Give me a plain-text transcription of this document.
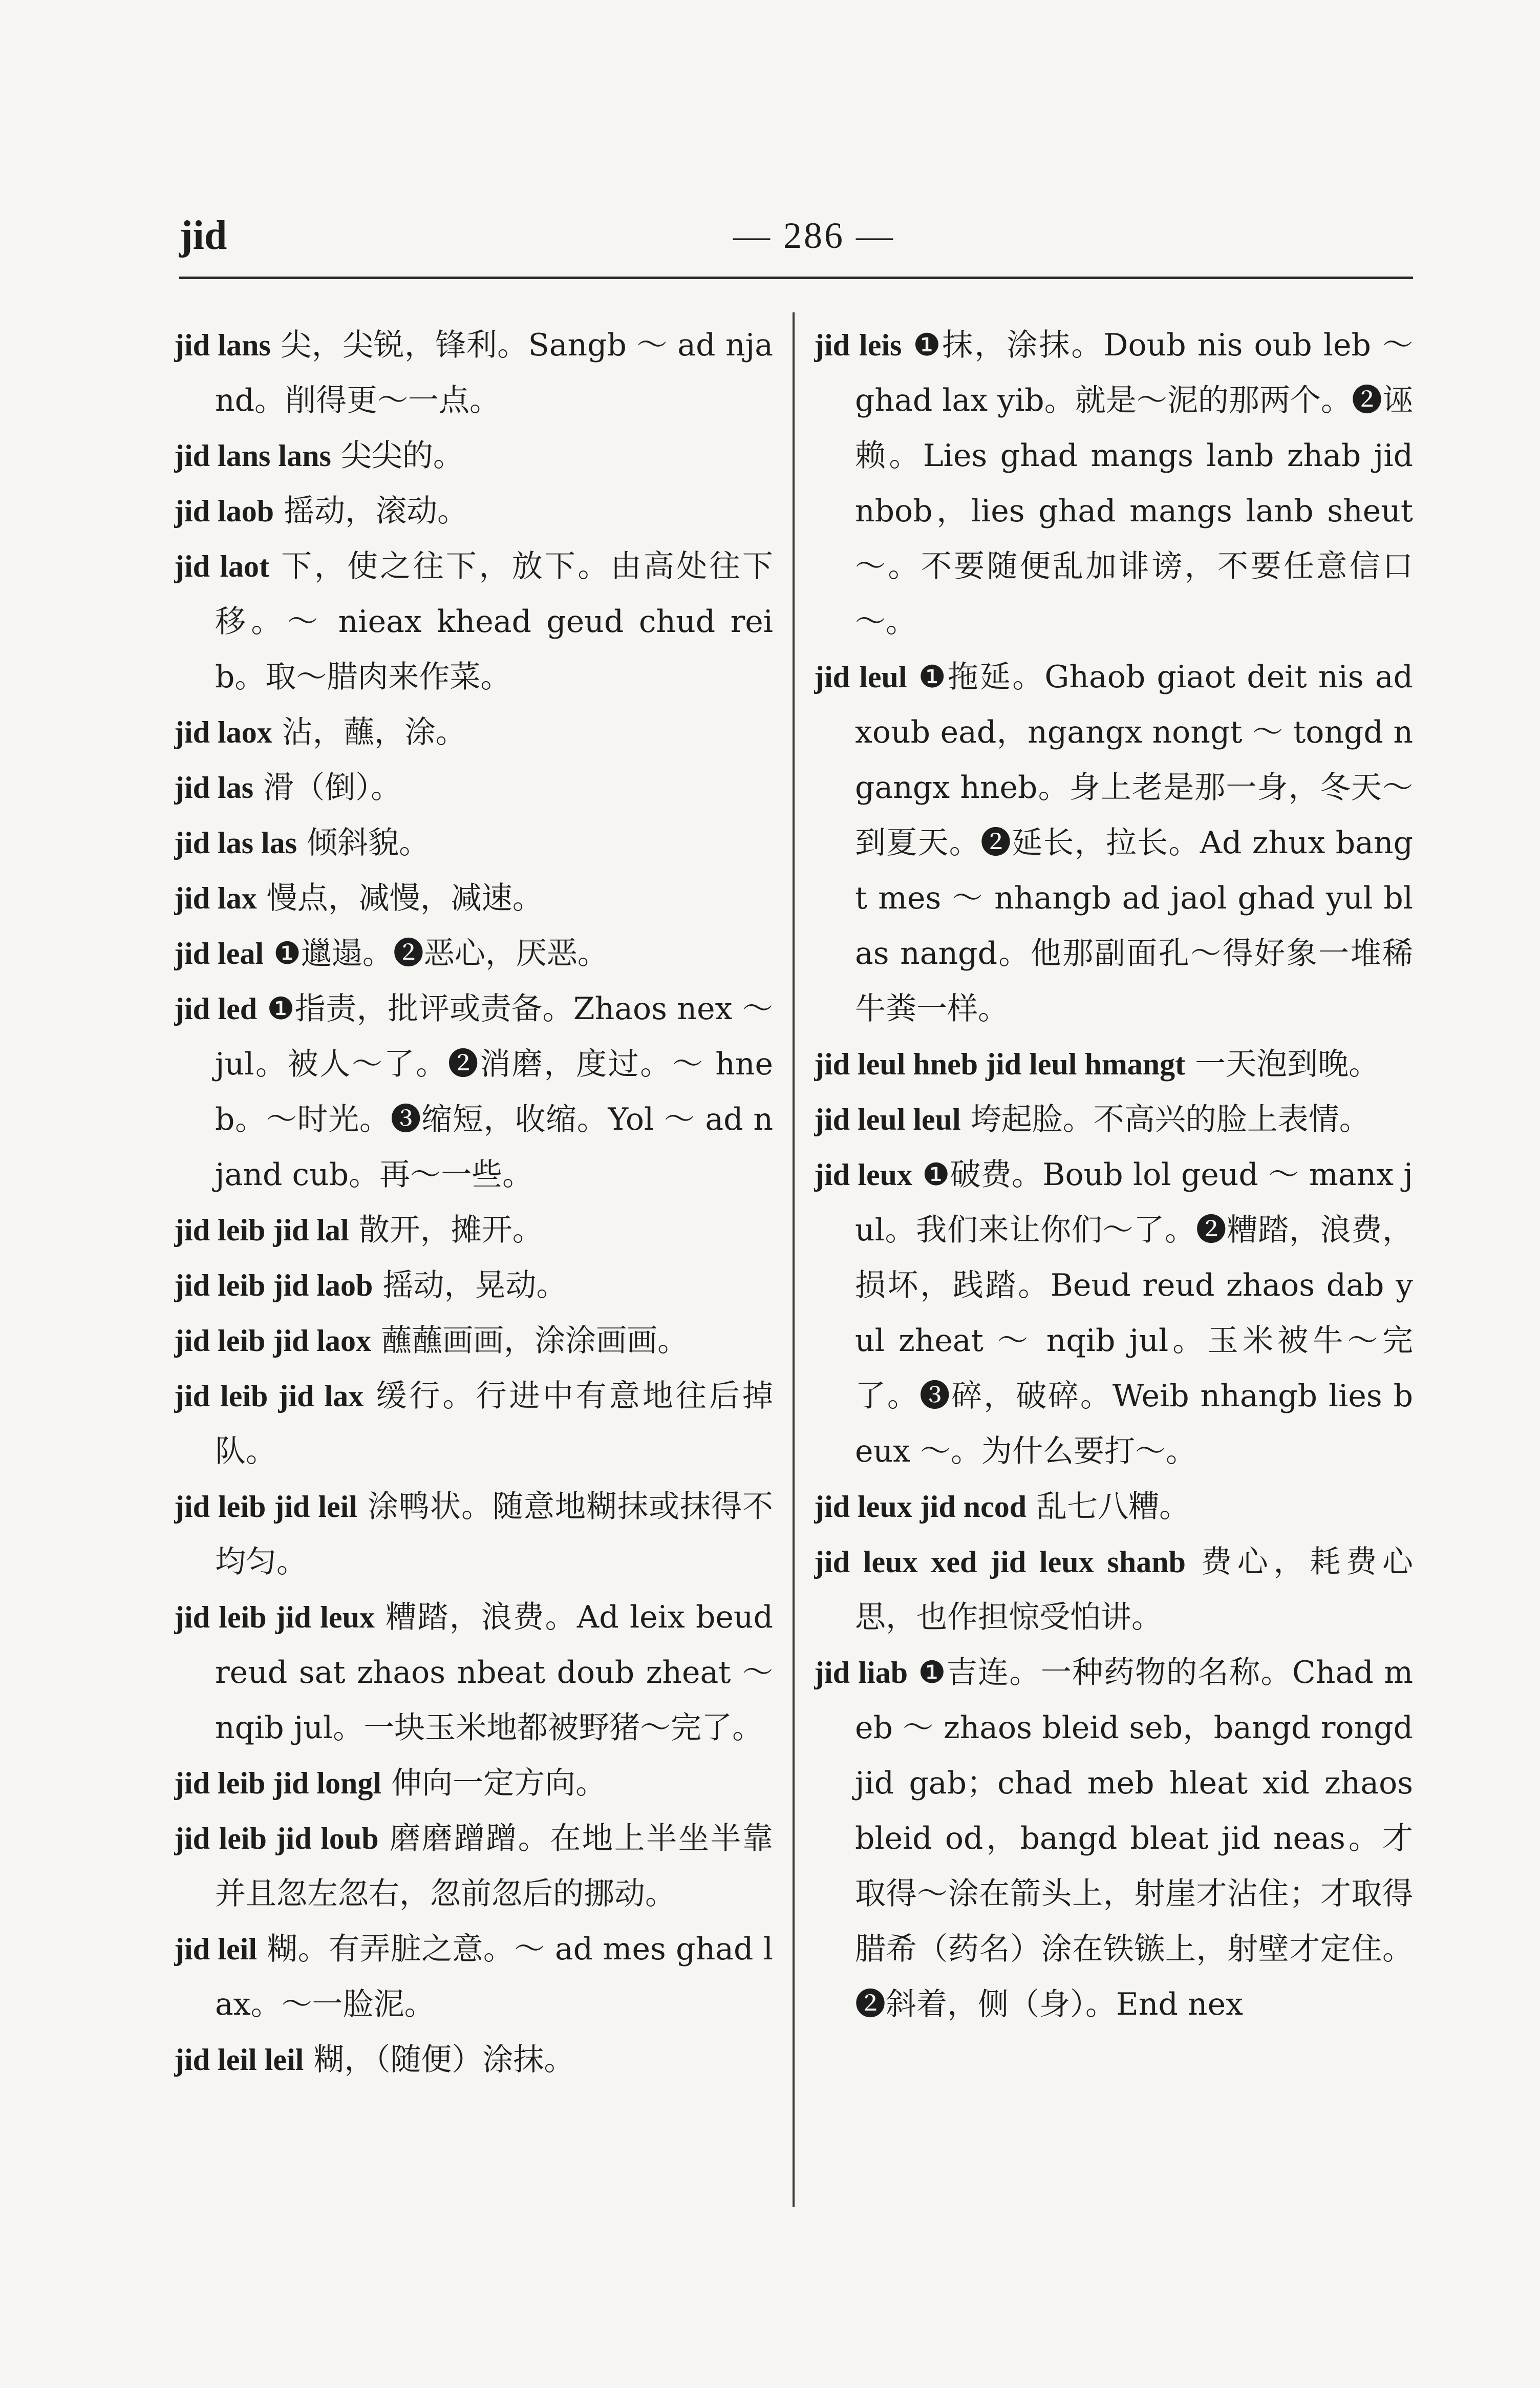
jid	— 286 —

jid lans 尖，尖锐，锋利。Sangb ～ ad njand。削得更～一点。

jid lans lans 尖尖的。

jid laob 摇动，滚动。

jid laot 下，使之往下，放下。由高处往下移。～ nieax khead geud chud reib。取～腊肉来作菜。

jid laox 沾，蘸，涂。

jid las 滑（倒）。

jid las las 倾斜貌。

jid lax 慢点，减慢，减速。

jid leal ❶邋遢。❷恶心，厌恶。

jid led ❶指责，批评或责备。Zhaos nex ～ jul。被人～了。❷消磨，度过。～ hneb。～时光。❸缩短，收缩。Yol ～ ad njand cub。再～一些。

jid leib jid lal 散开，摊开。

jid leib jid laob 摇动，晃动。

jid leib jid laox 蘸蘸画画，涂涂画画。

jid leib jid lax 缓行。行进中有意地往后掉队。

jid leib jid leil 涂鸭状。随意地糊抹或抹得不均匀。

jid leib jid leux 糟踏，浪费。Ad leix beud reud sat zhaos nbeat doub zheat ～ nqib jul。一块玉米地都被野猪～完了。

jid leib jid longl 伸向一定方向。

jid leib jid loub 磨磨蹭蹭。在地上半坐半靠并且忽左忽右，忽前忽后的挪动。

jid leil 糊。有弄脏之意。～ ad mes ghad lax。～一脸泥。

jid leil leil 糊，（随便）涂抹。

jid leis ❶抹，涂抹。Doub nis oub leb ～ ghad lax yib。就是～泥的那两个。❷诬赖。Lies ghad mangs lanb zhab jid nbob，lies ghad mangs lanb sheut ～。不要随便乱加诽谤，不要任意信口～。

jid leul ❶拖延。Ghaob giaot deit nis ad xoub ead，ngangx nongt ～ tongd ngangx hneb。身上老是那一身，冬天～到夏天。❷延长，拉长。Ad zhux bangt mes ～ nhangb ad jaol ghad yul blas nangd。他那副面孔～得好象一堆稀牛粪一样。

jid leul hneb jid leul hmangt 一天泡到晚。

jid leul leul 垮起脸。不高兴的脸上表情。

jid leux ❶破费。Boub lol geud ～ manx jul。我们来让你们～了。❷糟踏，浪费，损坏，践踏。Beud reud zhaos dab yul zheat ～ nqib jul。玉米被牛～完了。❸碎，破碎。Weib nhangb lies beux ～。为什么要打～。

jid leux jid ncod 乱七八糟。

jid leux xed jid leux shanb 费心，耗费心思，也作担惊受怕讲。

jid liab ❶吉连。一种药物的名称。Chad meb ～ zhaos bleid seb，bangd rongd jid gab；chad meb hleat xid zhaos bleid od，bangd bleat jid neas。才取得～涂在箭头上，射崖才沾住；才取得腊希（药名）涂在铁镞上，射壁才定住。❷斜着，侧（身）。End nex
